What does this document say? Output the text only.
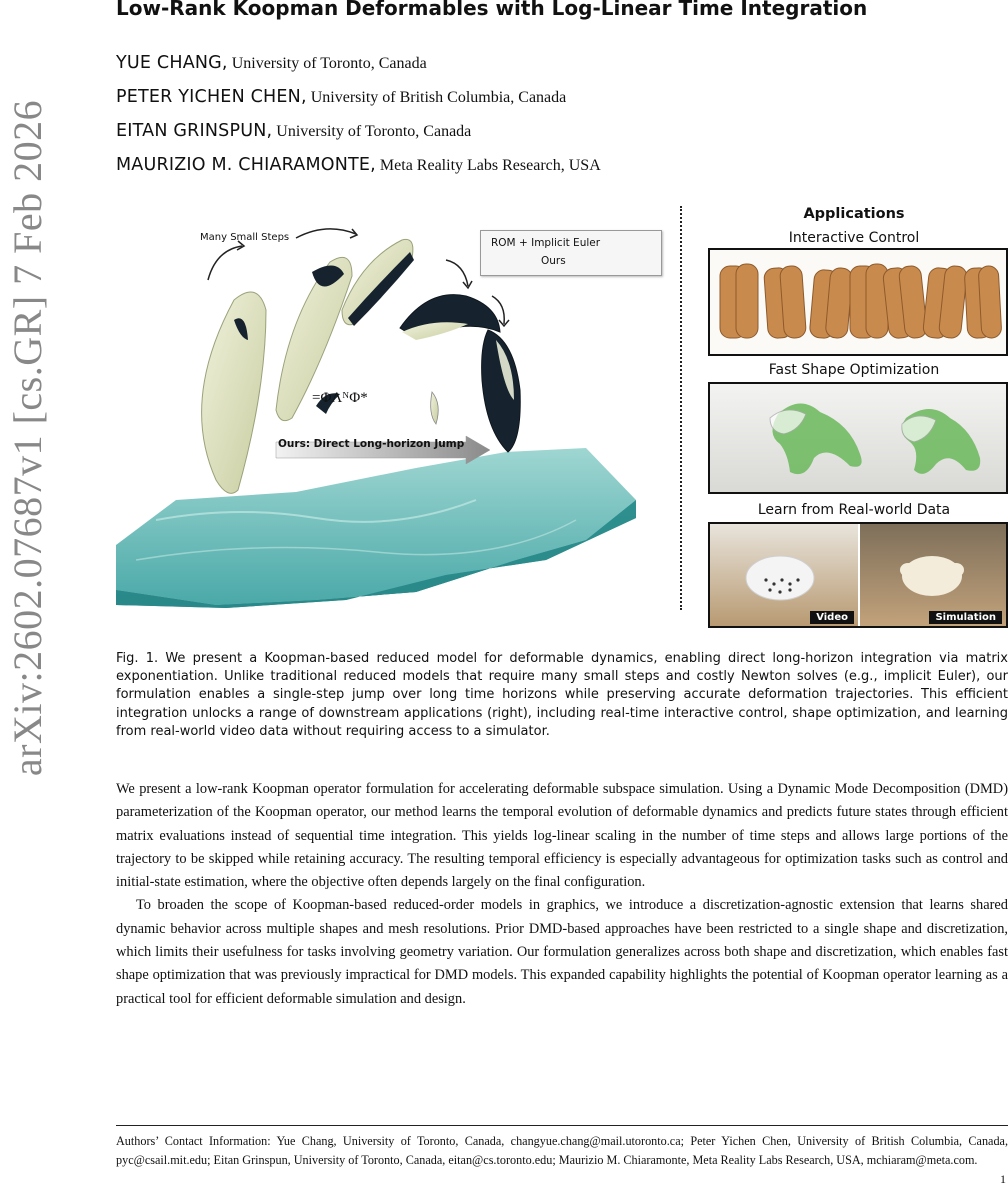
arXiv:2602.07687v1 [cs.GR] 7 Feb 2026
Low-Rank Koopman Deformables with Log-Linear Time Integration
YUE CHANG, University of Toronto, Canada
PETER YICHEN CHEN, University of British Columbia, Canada
EITAN GRINSPUN, University of Toronto, Canada
MAURIZIO M. CHIARAMONTE, Meta Reality Labs Research, USA
Many Small Steps	ROM + Implicit Euler
Ours
=ΦΛᴺΦ*
Ours: Direct Long-horizon Jump
Applications
Interactive Control
Fast Shape Optimization
Learn from Real-world Data
Video	Simulation
Fig. 1. We present a Koopman-based reduced model for deformable dynamics, enabling direct long-horizon integration via matrix exponentiation. Unlike traditional reduced models that require many small steps and costly Newton solves (e.g., implicit Euler), our formulation enables a single-step jump over long time horizons while preserving accurate deformation trajectories. This efficient integration unlocks a range of downstream applications (right), including real-time interactive control, shape optimization, and learning from real-world video data without requiring access to a simulator.

We present a low-rank Koopman operator formulation for accelerating deformable subspace simulation. Using a Dynamic Mode Decomposition (DMD) parameterization of the Koopman operator, our method learns the temporal evolution of deformable dynamics and predicts future states through efficient matrix evaluations instead of sequential time integration. This yields log-linear scaling in the number of time steps and allows large portions of the trajectory to be skipped while retaining accuracy. The resulting temporal efficiency is especially advantageous for optimization tasks such as control and initial-state estimation, where the objective often depends largely on the final configuration.

To broaden the scope of Koopman-based reduced-order models in graphics, we introduce a discretization-agnostic extension that learns shared dynamic behavior across multiple shapes and mesh resolutions. Prior DMD-based approaches have been restricted to a single shape and discretization, which limits their usefulness for tasks involving geometry variation. Our formulation generalizes across both shape and discretization, which enables fast shape optimization that was previously impractical for DMD models. This expanded capability highlights the potential of Koopman operator learning as a practical tool for efficient deformable simulation and design.

Authors’ Contact Information: Yue Chang, University of Toronto, Canada, changyue.chang@mail.utoronto.ca; Peter Yichen Chen, University of British Columbia, Canada, pyc@csail.mit.edu; Eitan Grinspun, University of Toronto, Canada, eitan@cs.toronto.edu; Maurizio M. Chiaramonte, Meta Reality Labs Research, USA, mchiaram@meta.com.
1
